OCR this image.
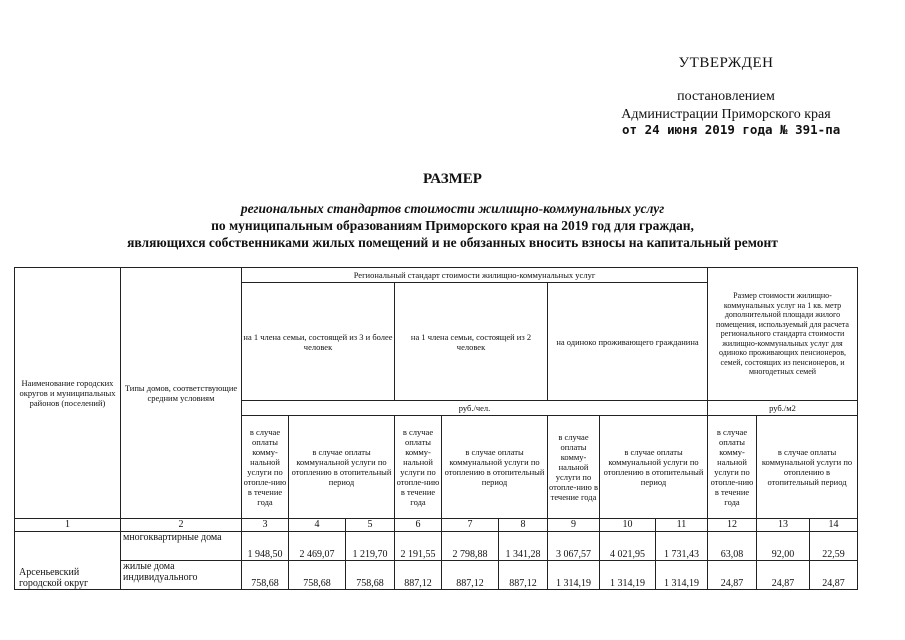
УТВЕРЖДЕН
постановлением
Администрации Приморского края
от 24 июня 2019 года № 391-па
РАЗМЕР
региональных стандартов стоимости жилищно-коммунальных услуг
по муниципальным образованиям Приморского края на 2019 год для граждан,
являющихся собственниками жилых помещений и не обязанных вносить взносы на капитальный ремонт
Наименование городских округов и муниципальных районов (поселений)	Типы домов, соответствующие средним условиям	Региональный стандарт стоимости жилищно-коммунальных услуг									Размер стоимости жилищно-коммунальных услуг на 1 кв. метр дополнительной площади жилого помещения, используемый для расчета регионального стандарта стоимости жилищно-коммунальных услуг для одиноко проживающих пенсионеров, семей, состоящих из пенсионеров, и многодетных семей		
		на 1 члена семьи, состоящей из 3 и более человек			на 1 члена семьи, состоящей из 2 человек			на одиноко проживающего гражданина					
		руб./чел.									руб./м2		
		в случае оплаты комму-нальной услуги по отопле-нию в течение года	в случае оплаты коммунальной услуги по отоплению в отопительный период		в случае оплаты комму-нальной услуги по отопле-нию в течение года	в случае оплаты коммунальной услуги по отоплению в отопительный период		в случае оплаты комму-нальной услуги по отопле-нию в течение года	в случае оплаты коммунальной услуги по отоплению в отопительный период		в случае оплаты комму-нальной услуги по отопле-нию в течение года	в случае оплаты коммунальной услуги по отоплению в отопительный период	

1	2	3	4	5	6	7	8	9	10	11	12	13	14
Арсеньевский городской округ	многоквартирные дома	1 948,50	2 469,07	1 219,70	2 191,55	2 798,88	1 341,28	3 067,57	4 021,95	1 731,43	63,08	92,00	22,59
	жилые дома индивидуального	758,68	758,68	758,68	887,12	887,12	887,12	1 314,19	1 314,19	1 314,19	24,87	24,87	24,87
